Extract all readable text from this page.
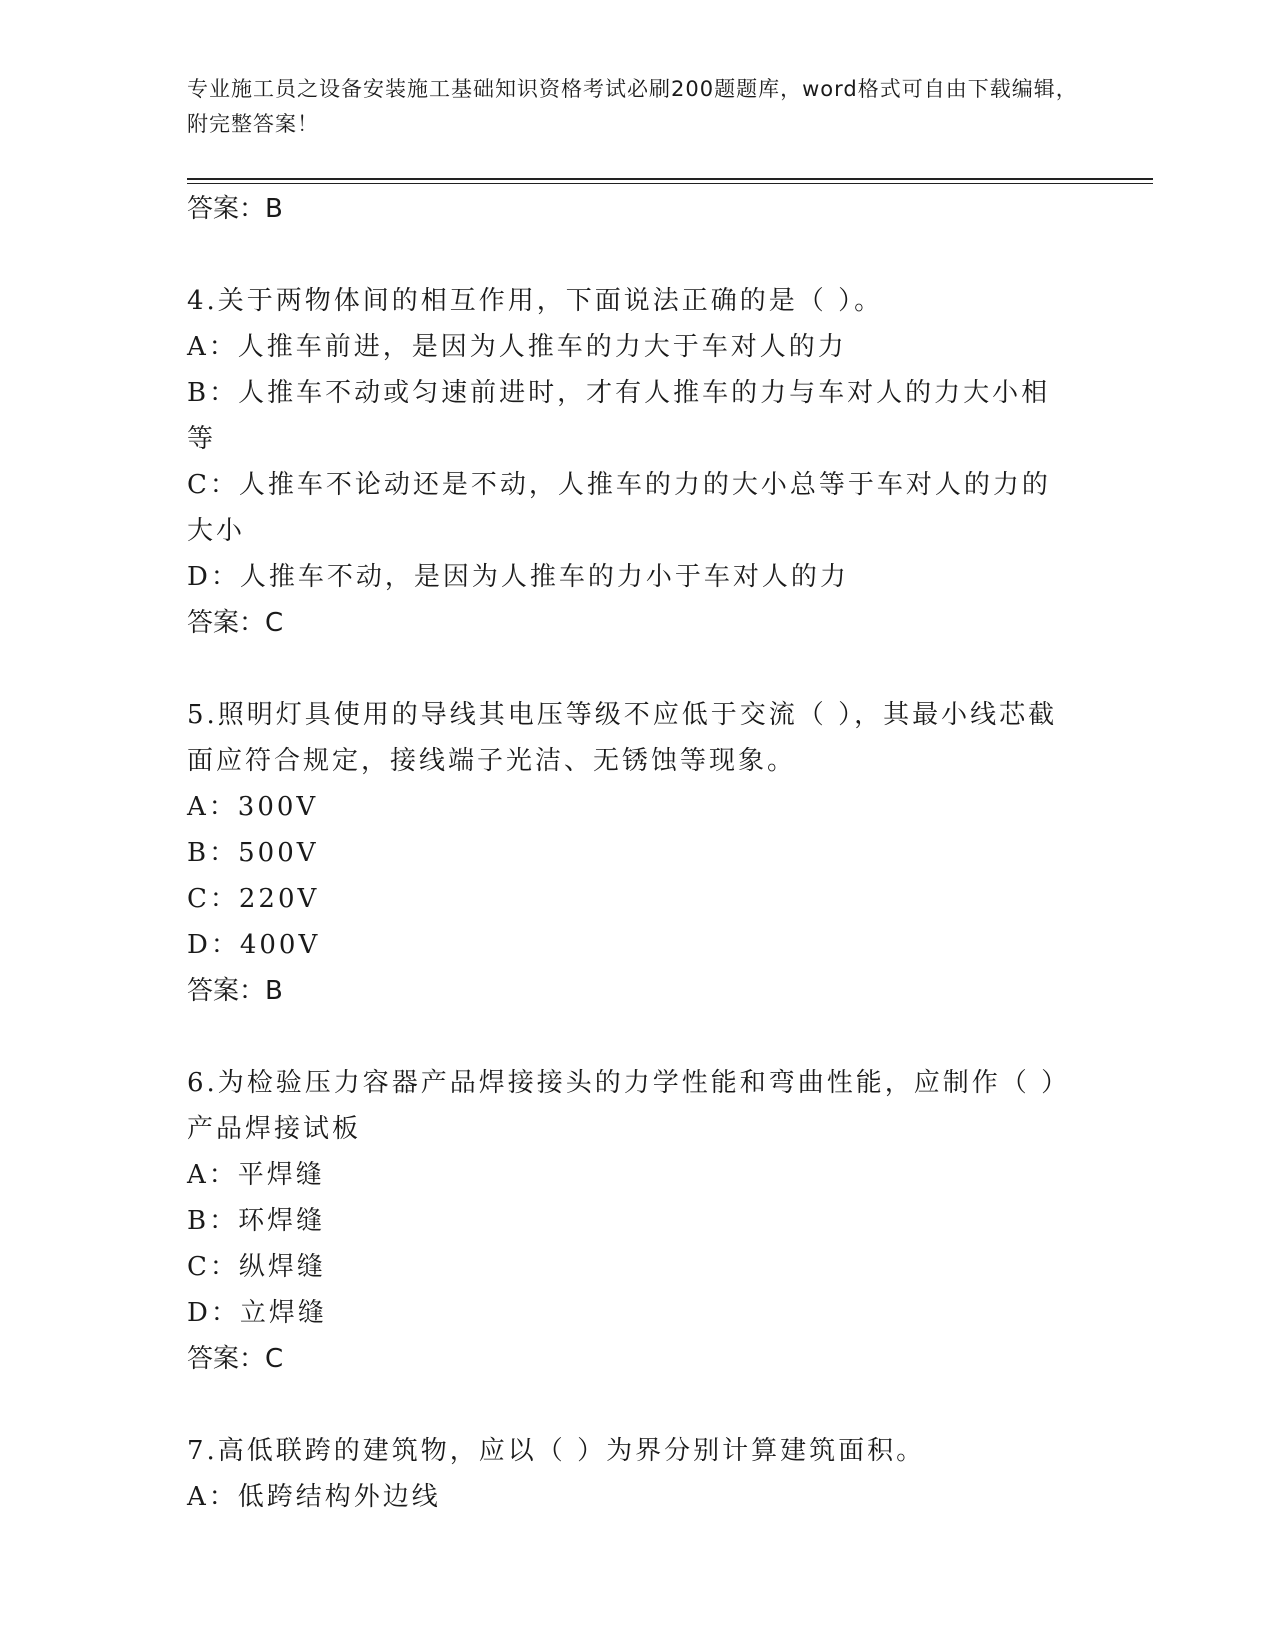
专业施工员之设备安装施工基础知识资格考试必刷200题题库，word格式可自由下载编辑，附完整答案！

答案：B

4.关于两物体间的相互作用，下面说法正确的是（ ）。

A：人推车前进，是因为人推车的力大于车对人的力

B：人推车不动或匀速前进时，才有人推车的力与车对人的力大小相等

C：人推车不论动还是不动，人推车的力的大小总等于车对人的力的大小

D：人推车不动，是因为人推车的力小于车对人的力

答案：C

5.照明灯具使用的导线其电压等级不应低于交流（ ），其最小线芯截面应符合规定，接线端子光洁、无锈蚀等现象。

A：300V

B：500V

C：220V

D：400V

答案：B

6.为检验压力容器产品焊接接头的力学性能和弯曲性能，应制作（ ）产品焊接试板

A：平焊缝

B：环焊缝

C：纵焊缝

D：立焊缝

答案：C

7.高低联跨的建筑物，应以（ ）为界分别计算建筑面积。

A：低跨结构外边线
